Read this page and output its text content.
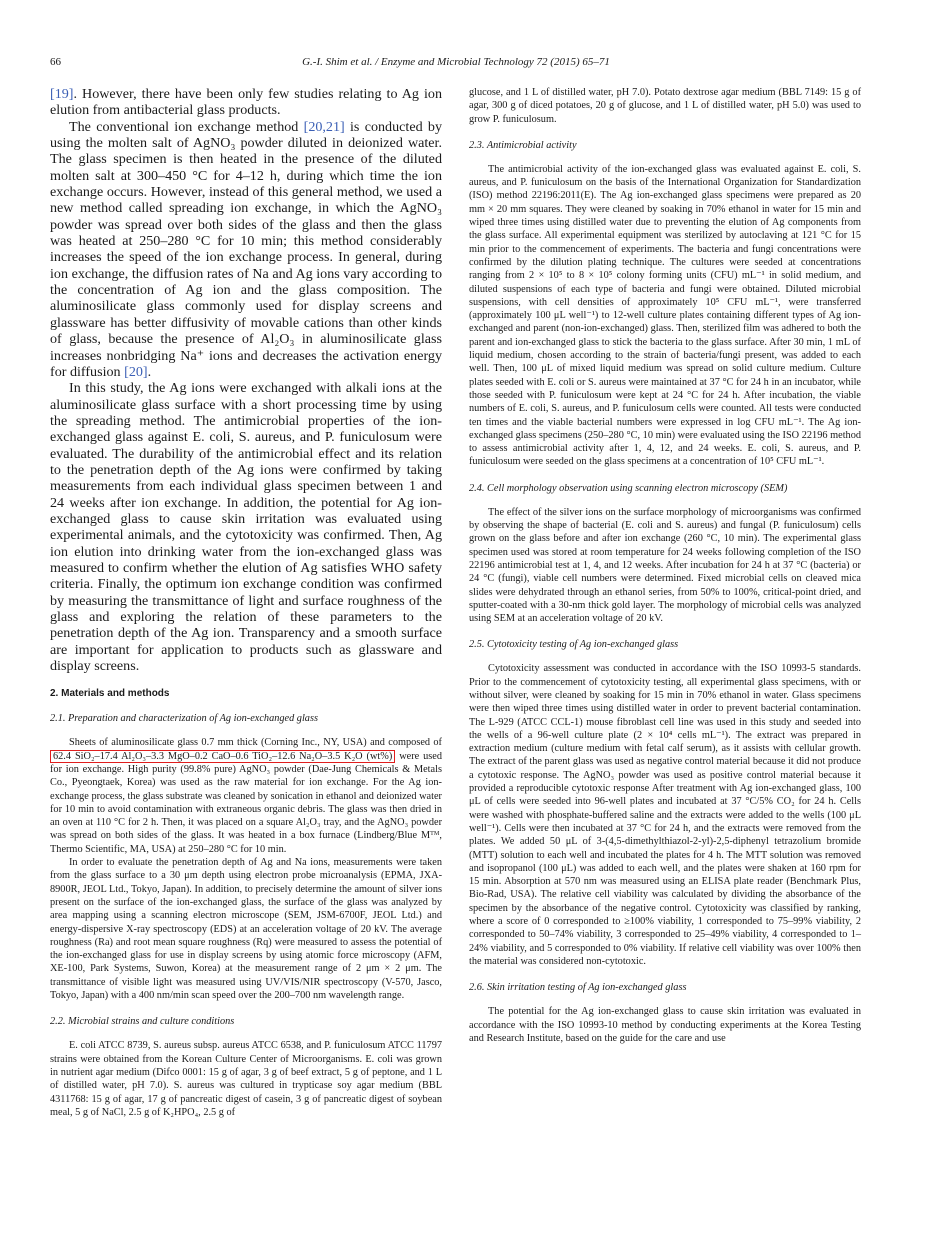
66	G.-I. Shim et al. / Enzyme and Microbial Technology 72 (2015) 65–71

[19]. However, there have been only few studies relating to Ag ion elution from antibacterial glass products.

The conventional ion exchange method [20,21] is conducted by using the molten salt of AgNO₃ powder diluted in deionized water. The glass specimen is then heated in the presence of the diluted molten salt at 300–450 °C for 4–12 h, during which time the ion exchange occurs. However, instead of this general method, we used a new method called spreading ion exchange, in which the AgNO₃ powder was spread over both sides of the glass and then the glass was heated at 250–280 °C for 10 min; this method considerably increases the speed of the ion exchange process. In general, during ion exchange, the diffusion rates of Na and Ag ions vary according to the concentration of Ag ion and the glass composition. The aluminosilicate glass commonly used for display screens and glassware has better diffusivity of movable cations than other kinds of glass, because the presence of Al₂O₃ in aluminosilicate glass increases nonbridging Na⁺ ions and decreases the activation energy for diffusion [20].

In this study, the Ag ions were exchanged with alkali ions at the aluminosilicate glass surface with a short processing time by using the spreading method. The antimicrobial properties of the ion-exchanged glass against E. coli, S. aureus, and P. funiculosum were evaluated. The durability of the antimicrobial effect and its relation to the penetration depth of the Ag ions were confirmed by taking measurements from each individual glass specimen between 1 and 24 weeks after ion exchange. In addition, the potential for Ag ion-exchanged glass to cause skin irritation was evaluated using experimental animals, and the cytotoxicity was confirmed. Then, Ag ion elution into drinking water from the ion-exchanged glass was measured to confirm whether the elution of Ag satisfies WHO safety criteria. Finally, the optimum ion exchange condition was confirmed by measuring the transmittance of light and surface roughness of the glass and exploring the relation of these parameters to the penetration depth of the Ag ion. Transparency and a smooth surface are important for application to products such as glassware and display screens.

2. Materials and methods
2.1. Preparation and characterization of Ag ion-exchanged glass

Sheets of aluminosilicate glass 0.7 mm thick (Corning Inc., NY, USA) and composed of 62.4 SiO₂–17.4 Al₂O₃–3.3 MgO–0.2 CaO–0.6 TiO₂–12.6 Na₂O–3.5 K₂O (wt%) were used for ion exchange. High purity (99.8% pure) AgNO₃ powder (Dae-Jung Chemicals & Metals Co., Pyeongtaek, Korea) was used as the raw material for ion exchange. For the Ag ion-exchange process, the glass substrate was cleaned by sonication in ethanol and deionized water for 10 min to avoid contamination with extraneous organic debris. The glass was then dried in an oven at 110 °C for 2 h. Then, it was placed on a square Al₂O₃ tray, and the AgNO₃ powder was spread on both sides of the glass. It was heated in a box furnace (Lindberg/Blue Mᵀᴹ, Thermo Scientific, MA, USA) at 250–280 °C for 10 min.

In order to evaluate the penetration depth of Ag and Na ions, measurements were taken from the glass surface to a 30 μm depth using electron probe microanalysis (EPMA, JXA-8900R, JEOL Ltd., Tokyo, Japan). In addition, to precisely determine the amount of silver ions present on the surface of the ion-exchanged glass, the surface of the glass was analyzed by area mapping using a scanning electron microscope (SEM, JSM-6700F, JEOL Ltd.) and energy-dispersive X-ray spectroscopy (EDS) at an acceleration voltage of 20 kV. The average roughness (Ra) and root mean square roughness (Rq) were measured to assess the potential of the ion-exchanged glass for use in display screens by using atomic force microscopy (AFM, XE-100, Park Systems, Suwon, Korea) at the measurement range of 2 μm × 2 μm. The transmittance of visible light was measured using UV/VIS/NIR spectroscopy (V-570, Jasco, Tokyo, Japan) with a 400 nm/min scan speed over the 200–700 nm wavelength range.

2.2. Microbial strains and culture conditions

E. coli ATCC 8739, S. aureus subsp. aureus ATCC 6538, and P. funiculosum ATCC 11797 strains were obtained from the Korean Culture Center of Microorganisms. E. coli was grown in nutrient agar medium (Difco 0001: 15 g of agar, 3 g of beef extract, 5 g of peptone, and 1 L of distilled water, pH 7.0). S. aureus was cultured in trypticase soy agar medium (BBL 4311768: 15 g of agar, 17 g of pancreatic digest of casein, 3 g of pancreatic digest of soybean meal, 5 g of NaCl, 2.5 g of K₂HPO₄, 2.5 g of

glucose, and 1 L of distilled water, pH 7.0). Potato dextrose agar medium (BBL 7149: 15 g of agar, 300 g of diced potatoes, 20 g of glucose, and 1 L of distilled water, pH 5.0) was used to grow P. funiculosum.

2.3. Antimicrobial activity

The antimicrobial activity of the ion-exchanged glass was evaluated against E. coli, S. aureus, and P. funiculosum on the basis of the International Organization for Standardization (ISO) method 22196:2011(E). The Ag ion-exchanged glass specimens were prepared as 20 mm × 20 mm squares. They were cleaned by soaking in 70% ethanol in water for 15 min and wiped three times using distilled water due to preventing the elution of Ag components from the glass surface. All experimental equipment was sterilized by autoclaving at 121 °C for 15 min prior to the commencement of experiments. The bacteria and fungi concentrations were confirmed by the dilution plating technique. The cultures were seeded at concentrations ranging from 2 × 10⁵ to 8 × 10⁵ colony forming units (CFU) mL⁻¹ in solid medium, and diluted suspensions of each type of bacteria and fungi were obtained. Diluted microbial suspensions, with cell densities of approximately 10⁵ CFU mL⁻¹, were transferred (approximately 100 μL well⁻¹) to 12-well culture plates containing different types of Ag ion-exchanged and parent (non-ion-exchanged) glass. Then, sterilized film was adhered to both the parent and ion-exchanged glass to stick the bacteria to the glass surface. After 30 min, 1 mL of liquid medium, chosen according to the strain of bacteria/fungi present, was added to each well. Then, 100 μL of mixed liquid medium was spread on solid culture medium. Culture plates seeded with E. coli or S. aureus were maintained at 37 °C for 24 h in an incubator, while those seeded with P. funiculosum were kept at 24 °C for 24 h. After incubation, the viable numbers of E. coli, S. aureus, and P. funiculosum cells were counted. All tests were conducted ten times and the viable bacterial numbers were expressed in log CFU mL⁻¹. The Ag ion-exchanged glass specimens (250–280 °C, 10 min) were evaluated using the ISO 22196 method to assess antimicrobial activity after 1, 4, 12, and 24 weeks. E. coli, S. aureus, and P. funiculosum were seeded on the glass specimens at a concentration of 10⁵ CFU mL⁻¹.

2.4. Cell morphology observation using scanning electron microscopy (SEM)

The effect of the silver ions on the surface morphology of microorganisms was confirmed by observing the shape of bacterial (E. coli and S. aureus) and fungal (P. funiculosum) cells grown on the glass before and after ion exchange (260 °C, 10 min). The experimental glass specimen used was stored at room temperature for 24 weeks following completion of the ISO 22196 antimicrobial test at 1, 4, and 12 weeks. After incubation for 24 h at 37 °C (bacteria) or 24 °C (fungi), viable cell numbers were determined. Fixed microbial cells on cleaved mica slides were dehydrated through an ethanol series, from 50% to 100%, critical-point dried, and sputter-coated with a 30-nm thick gold layer. The morphology of microbial cells was analyzed using SEM at an acceleration voltage of 20 kV.

2.5. Cytotoxicity testing of Ag ion-exchanged glass

Cytotoxicity assessment was conducted in accordance with the ISO 10993-5 standards. Prior to the commencement of cytotoxicity testing, all experimental glass specimens, with or without silver, were cleaned by soaking for 15 min in 70% ethanol in water. Glass specimens were then wiped three times using distilled water in order to prevent bacterial contamination. The L-929 (ATCC CCL-1) mouse fibroblast cell line was used in this study and seeded into the wells of a 96-well culture plate (2 × 10⁴ cells mL⁻¹). The extract was prepared in extraction medium (culture medium with fetal calf serum), as it assists with cellular growth. The extract of the parent glass was used as negative control material because it did not produce a cytotoxic response. The AgNO₃ powder was used as positive control material because it provided a reproducible cytotoxic response After treatment with Ag ion-exchanged glass, 100 μL of cells were seeded into 96-well plates and incubated at 37 °C/5% CO₂ for 24 h. Cells were washed with phosphate-buffered saline and the extracts were added to the wells (100 μL well⁻¹). Cells were then incubated at 37 °C for 24 h, and the extracts were removed from the plates. We added 50 μL of 3-(4,5-dimethylthiazol-2-yl)-2,5-diphenyl tetrazolium bromide (MTT) solution to each well and incubated the plates for 4 h. The MTT solution was removed and isopropanol (100 μL) was added to each well, and the plates were shaken at 160 rpm for 15 min. Absorption at 570 nm was measured using an ELISA plate reader (Benchmark Plus, Bio-Rad, USA). The relative cell viability was calculated by dividing the absorbance of the specimen by the absorbance of the negative control. Cytotoxicity was classified by ranking, where a score of 0 corresponded to ≥100% viability, 1 corresponded to 75–99% viability, 2 corresponded to 50–74% viability, 3 corresponded to 25–49% viability, 4 corresponded to 1–24% viability, and 5 corresponded to 0% viability. If relative cell viability was over 100% then the material was considered non-cytotoxic.

2.6. Skin irritation testing of Ag ion-exchanged glass

The potential for the Ag ion-exchanged glass to cause skin irritation was evaluated in accordance with the ISO 10993-10 method by conducting experiments at the Korea Testing and Research Institute, based on the guide for the care and use
